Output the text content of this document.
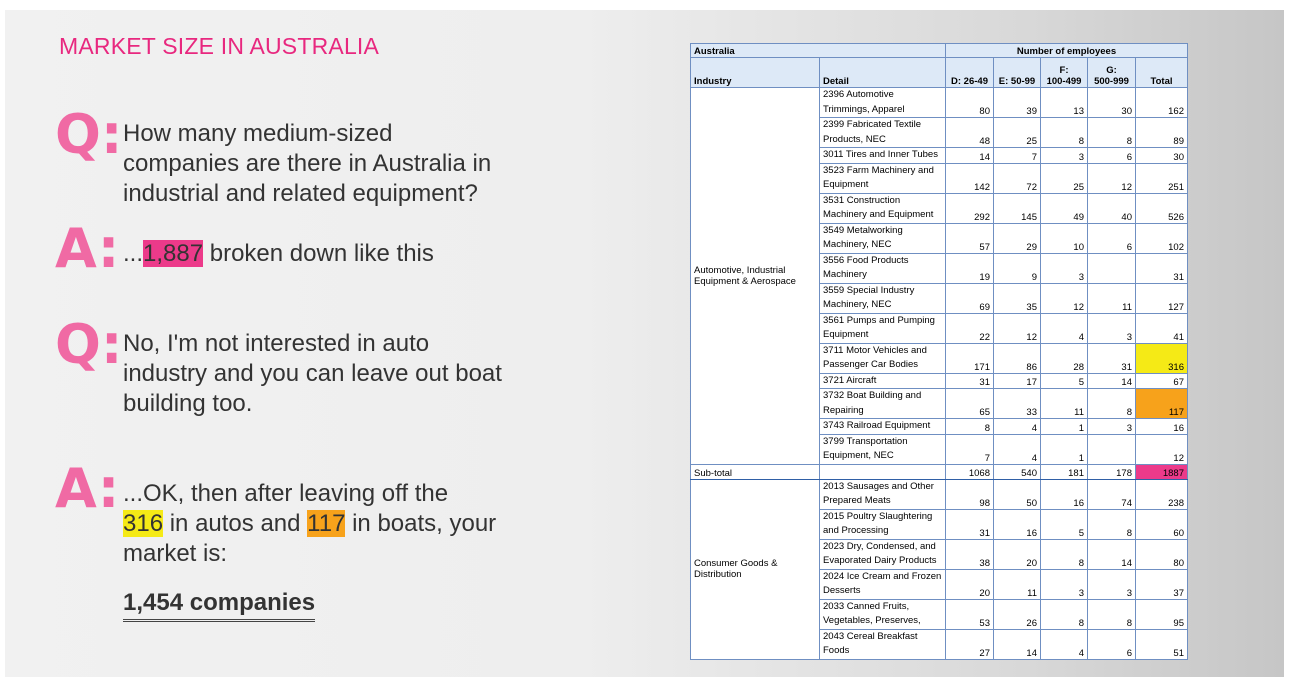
MARKET SIZE IN AUSTRALIA
Q: How many medium-sized
companies are there in Australia in
industrial and related equipment?
A: ...1,887 broken down like this
Q: No, I'm not interested in auto
industry and you can leave out boat
building too.
A: ...OK, then after leaving off the
316 in autos and 117 in boats, your
market is:
1,454 companies
Australia		Number of employees				
Industry	Detail	D: 26-49	E: 50-99	F:
100-499	G:
500-999	Total
Automotive, Industrial Equipment & Aerospace	2396 Automotive
Trimmings, Apparel	80	39	13	30	162
	2399 Fabricated Textile
Products, NEC	48	25	8	8	89
	3011 Tires and Inner Tubes	14	7	3	6	30
	3523 Farm Machinery and
Equipment	142	72	25	12	251
	3531 Construction
Machinery and Equipment	292	145	49	40	526
	3549 Metalworking
Machinery, NEC	57	29	10	6	102
	3556 Food Products
Machinery	19	9	3		31
	3559 Special Industry
Machinery, NEC	69	35	12	11	127
	3561 Pumps and Pumping
Equipment	22	12	4	3	41
	3711 Motor Vehicles and
Passenger Car Bodies	171	86	28	31	316
	3721 Aircraft	31	17	5	14	67
	3732 Boat Building and
Repairing	65	33	11	8	117
	3743 Railroad Equipment	8	4	1	3	16
	3799 Transportation
Equipment, NEC	7	4	1		12
Sub-total		1068	540	181	178	1887
Consumer Goods & Distribution	2013 Sausages and Other
Prepared Meats	98	50	16	74	238
	2015 Poultry Slaughtering
and Processing	31	16	5	8	60
	2023 Dry, Condensed, and
Evaporated Dairy Products	38	20	8	14	80
	2024 Ice Cream and Frozen
Desserts	20	11	3	3	37
	2033 Canned Fruits,
Vegetables, Preserves,	53	26	8	8	95
	2043 Cereal Breakfast Foods	27	14	4	6	51
